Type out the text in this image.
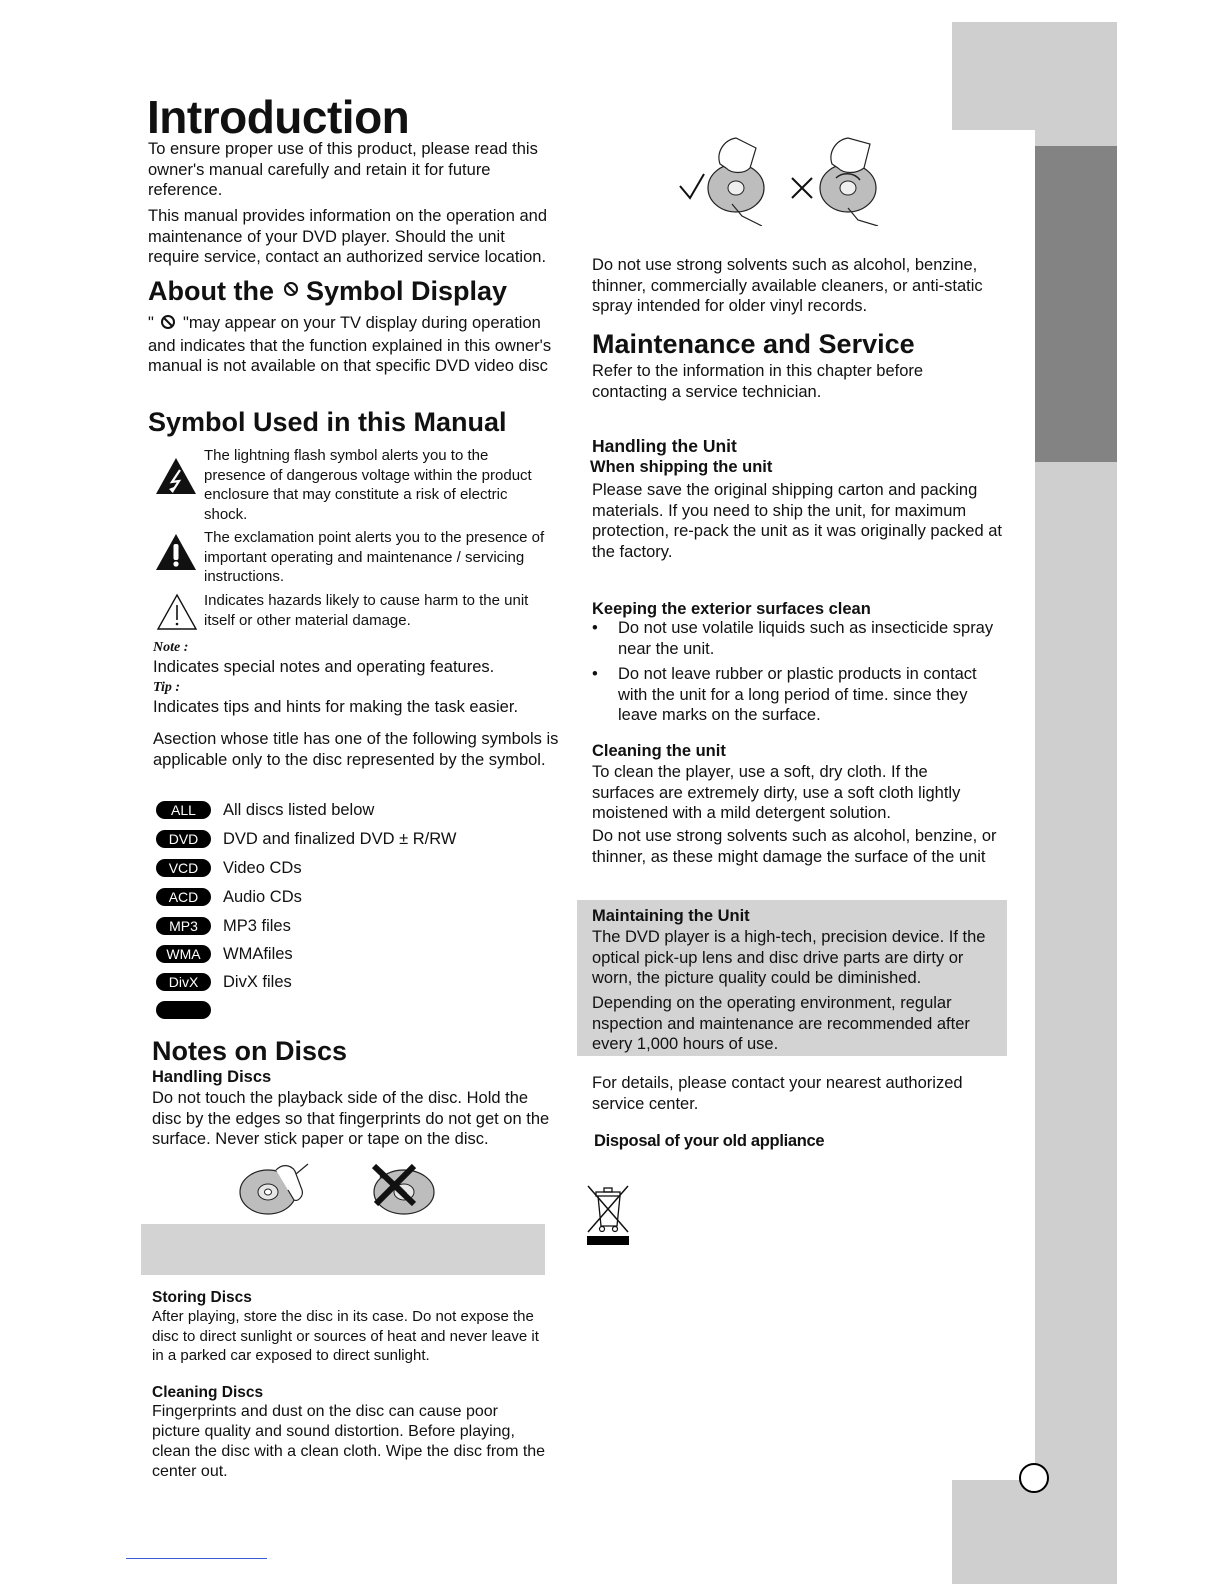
Introduction

To ensure proper use of this product, please read this owner's manual carefully and retain it for future reference.

This manual provides information on the operation and maintenance of your DVD player. Should the unit require service, contact an authorized service location.

About the Symbol Display

" "may appear on your TV display during operation and indicates that the function explained in this owner's manual is not available on that specific DVD video disc

Symbol Used in this Manual
The lightning flash symbol alerts you to the presence of dangerous voltage within the product enclosure that may constitute a risk of electric shock.
The exclamation point alerts you to the presence of important operating and maintenance / servicing instructions.
Indicates hazards likely to cause harm to the unit itself or other material damage.
Note :

Indicates special notes and operating features.

Tip :

Indicates tips and hints for making the task easier.

Asection whose title has one of the following symbols is applicable only to the disc represented by the symbol.

ALL	All discs listed below
DVD	DVD and finalized DVD ± R/RW
VCD	Video CDs
ACD	Audio CDs
MP3	MP3 files
WMA	WMAfiles
DivX	DivX files
Notes on Discs
Handling Discs

Do not touch the playback side of the disc. Hold the disc by the edges so that fingerprints do not get on the surface. Never stick paper or tape on the disc.

Storing Discs

After playing, store the disc in its case. Do not expose the disc to direct sunlight or sources of heat and never leave it in a parked car exposed to direct sunlight.

Cleaning Discs

Fingerprints and dust on the disc can cause poor picture quality and sound distortion. Before playing, clean the disc with a clean cloth. Wipe the disc from the center out.

Do not use strong solvents such as alcohol, benzine, thinner, commercially available cleaners, or anti-static spray intended for older vinyl records.

Maintenance and Service

Refer to the information in this chapter before contacting a service technician.

Handling the Unit
When shipping the unit

Please save the original shipping carton and packing materials. If you need to ship the unit, for maximum protection, re-pack the unit as it was originally packed at the factory.

Keeping the exterior surfaces clean
• Do not use volatile liquids such as insecticide spray near the unit.
• Do not leave rubber or plastic products in contact with the unit for a long period of time. since they leave marks on the surface.
Cleaning the unit

To clean the player, use a soft, dry cloth. If the surfaces are extremely dirty, use a soft cloth lightly moistened with a mild detergent solution.

Do not use strong solvents such as alcohol, benzine, or thinner, as these might damage the surface of the unit

Maintaining the Unit

The DVD player is a high-tech, precision device. If the optical pick-up lens and disc drive parts are dirty or worn, the picture quality could be diminished.

Depending on the operating environment, regular nspection and maintenance are recommended after every 1,000 hours of use.

For details, please contact your nearest authorized service center.

Disposal of your old appliance
